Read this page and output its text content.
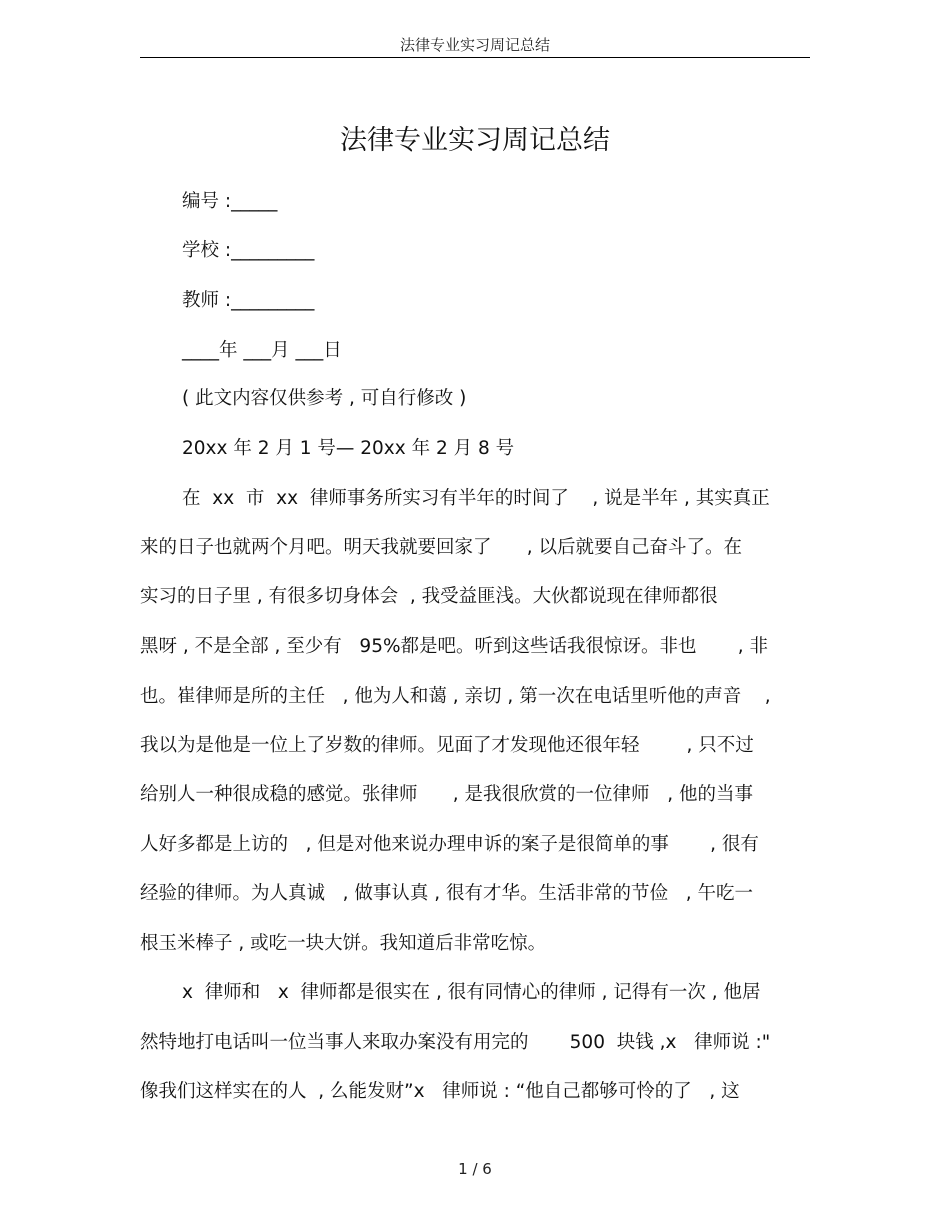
法律专业实习周记总结
法律专业实习周记总结
编号 :_____
学校 :_________
教师 :_________
____年 ___月 ___日
( 此文内容仅供参考 , 可自行修改 )
20xx 年 2 月 1 号— 20xx 年 2 月 8 号
在  xx  市  xx  律师事务所实习有半年的时间了    , 说是半年 , 其实真正
来的日子也就两个月吧。明天我就要回家了      , 以后就要自己奋斗了。在
实习的日子里 , 有很多切身体会  , 我受益匪浅。大伙都说现在律师都很
黑呀 , 不是全部 , 至少有   95%都是吧。听到这些话我很惊讶。非也       , 非
也。崔律师是所的主任   , 他为人和蔼 , 亲切 , 第一次在电话里听他的声音    ,
我以为是他是一位上了岁数的律师。见面了才发现他还很年轻        , 只不过
给别人一种很成稳的感觉。张律师      , 是我很欣赏的一位律师   , 他的当事
人好多都是上访的   , 但是对他来说办理申诉的案子是很简单的事       , 很有
经验的律师。为人真诚   , 做事认真 , 很有才华。生活非常的节俭   , 午吃一
根玉米棒子 , 或吃一块大饼。我知道后非常吃惊。
x  律师和   x  律师都是很实在 , 很有同情心的律师 , 记得有一次 , 他居
然特地打电话叫一位当事人来取办案没有用完的       500  块钱 ,x   律师说 :"
像我们这样实在的人  , 么能发财”x   律师说 : “他自己都够可怜的了   , 这
1 / 6
